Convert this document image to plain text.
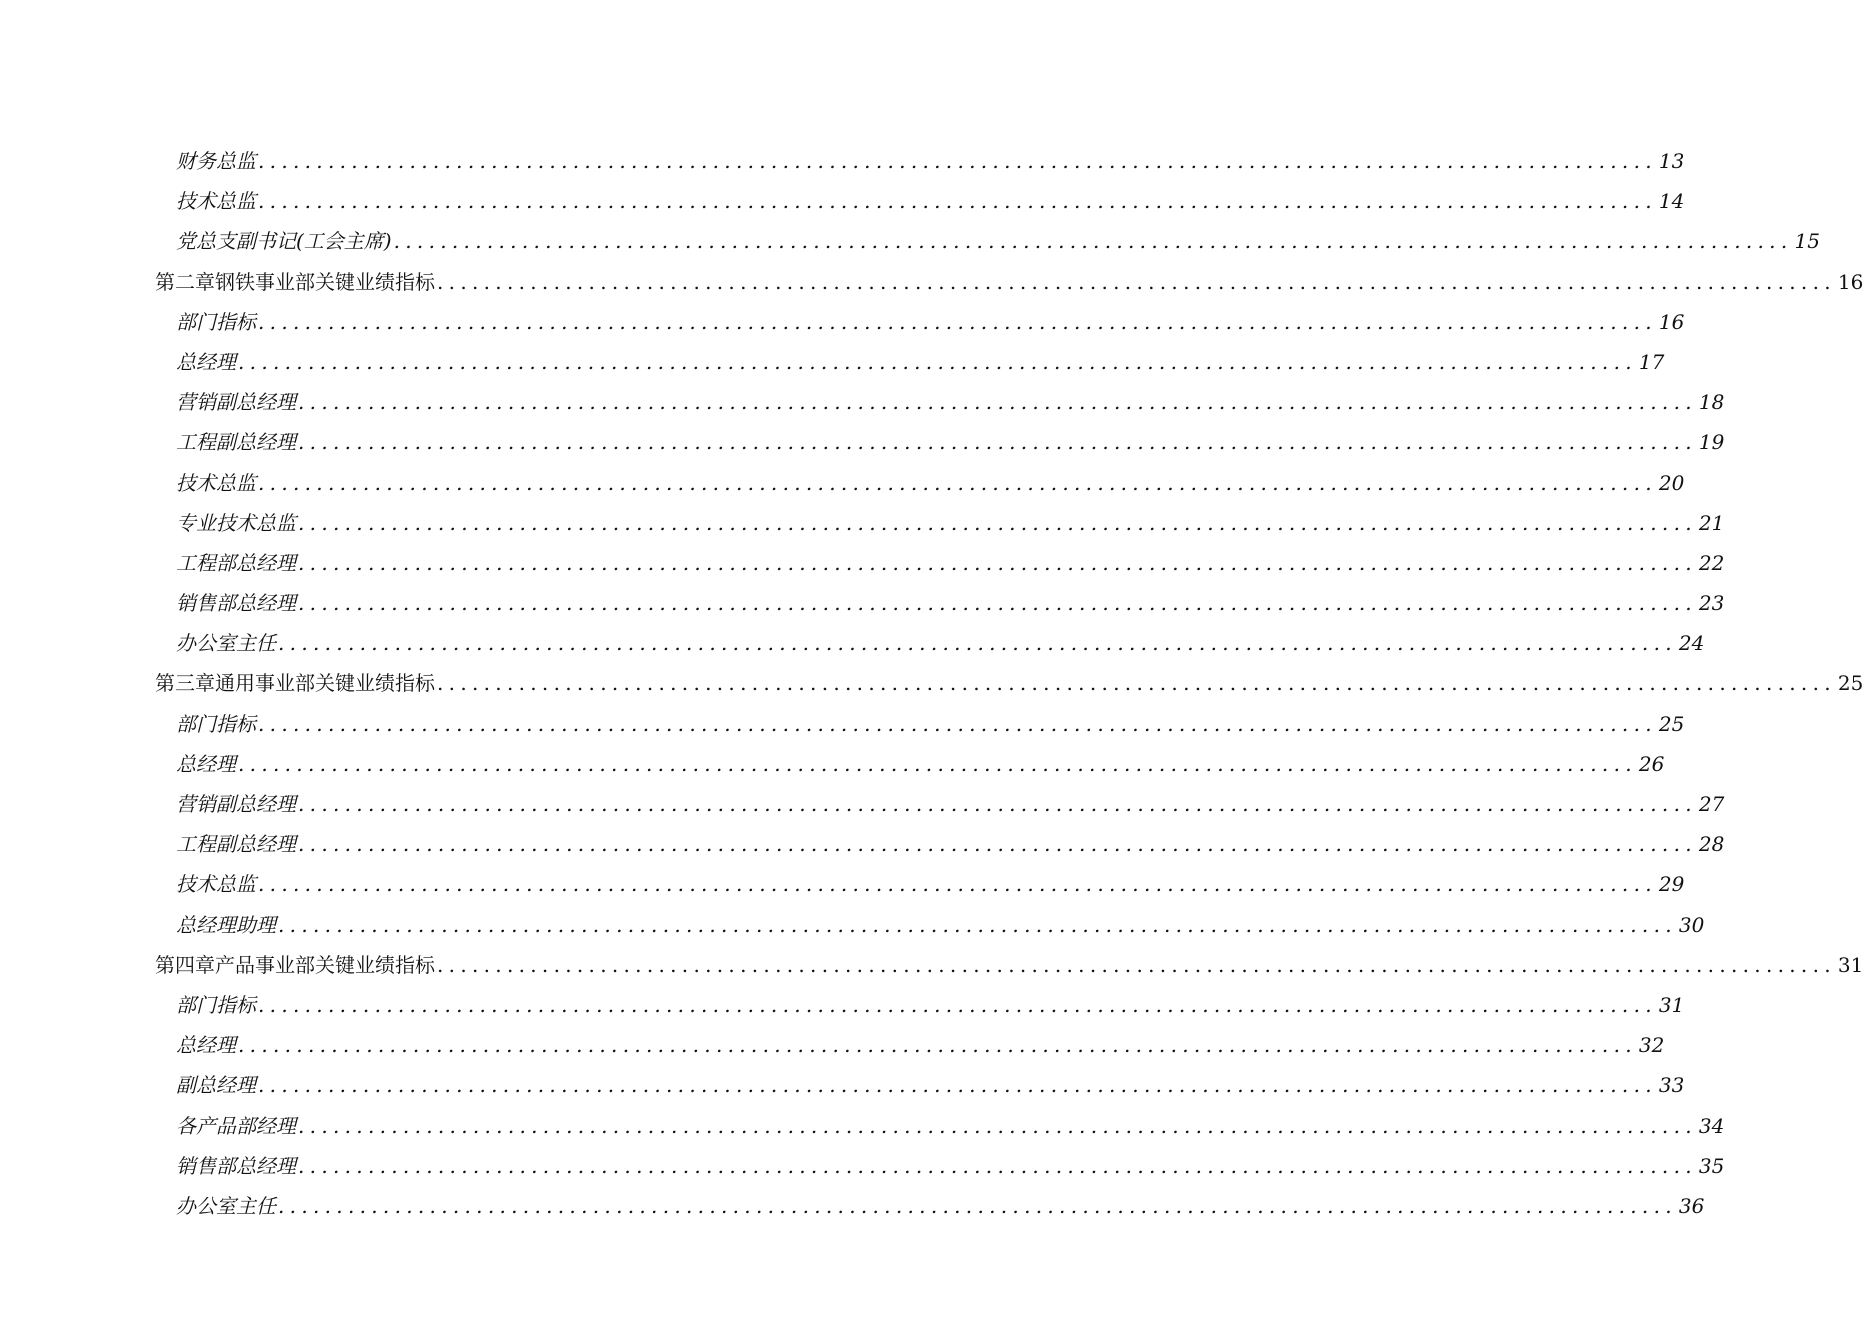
财务总监 ........................................................................................................................ 13
技术总监 ........................................................................................................................ 14
党总支副书记(工会主席) ........................................................................................................................ 15
第二章 钢铁事业部关键业绩指标 ........................................................................................................................ 16
部门指标 ........................................................................................................................ 16
总经理 ........................................................................................................................ 17
营销副总经理 ........................................................................................................................ 18
工程副总经理 ........................................................................................................................ 19
技术总监 ........................................................................................................................ 20
专业技术总监 ........................................................................................................................ 21
工程部总经理 ........................................................................................................................ 22
销售部总经理 ........................................................................................................................ 23
办公室主任 ........................................................................................................................ 24
第三章 通用事业部关键业绩指标 ........................................................................................................................ 25
部门指标 ........................................................................................................................ 25
总经理 ........................................................................................................................ 26
营销副总经理 ........................................................................................................................ 27
工程副总经理 ........................................................................................................................ 28
技术总监 ........................................................................................................................ 29
总经理助理 ........................................................................................................................ 30
第四章 产品事业部关键业绩指标 ........................................................................................................................ 31
部门指标 ........................................................................................................................ 31
总经理 ........................................................................................................................ 32
副总经理 ........................................................................................................................ 33
各产品部经理 ........................................................................................................................ 34
销售部总经理 ........................................................................................................................ 35
办公室主任 ........................................................................................................................ 36
